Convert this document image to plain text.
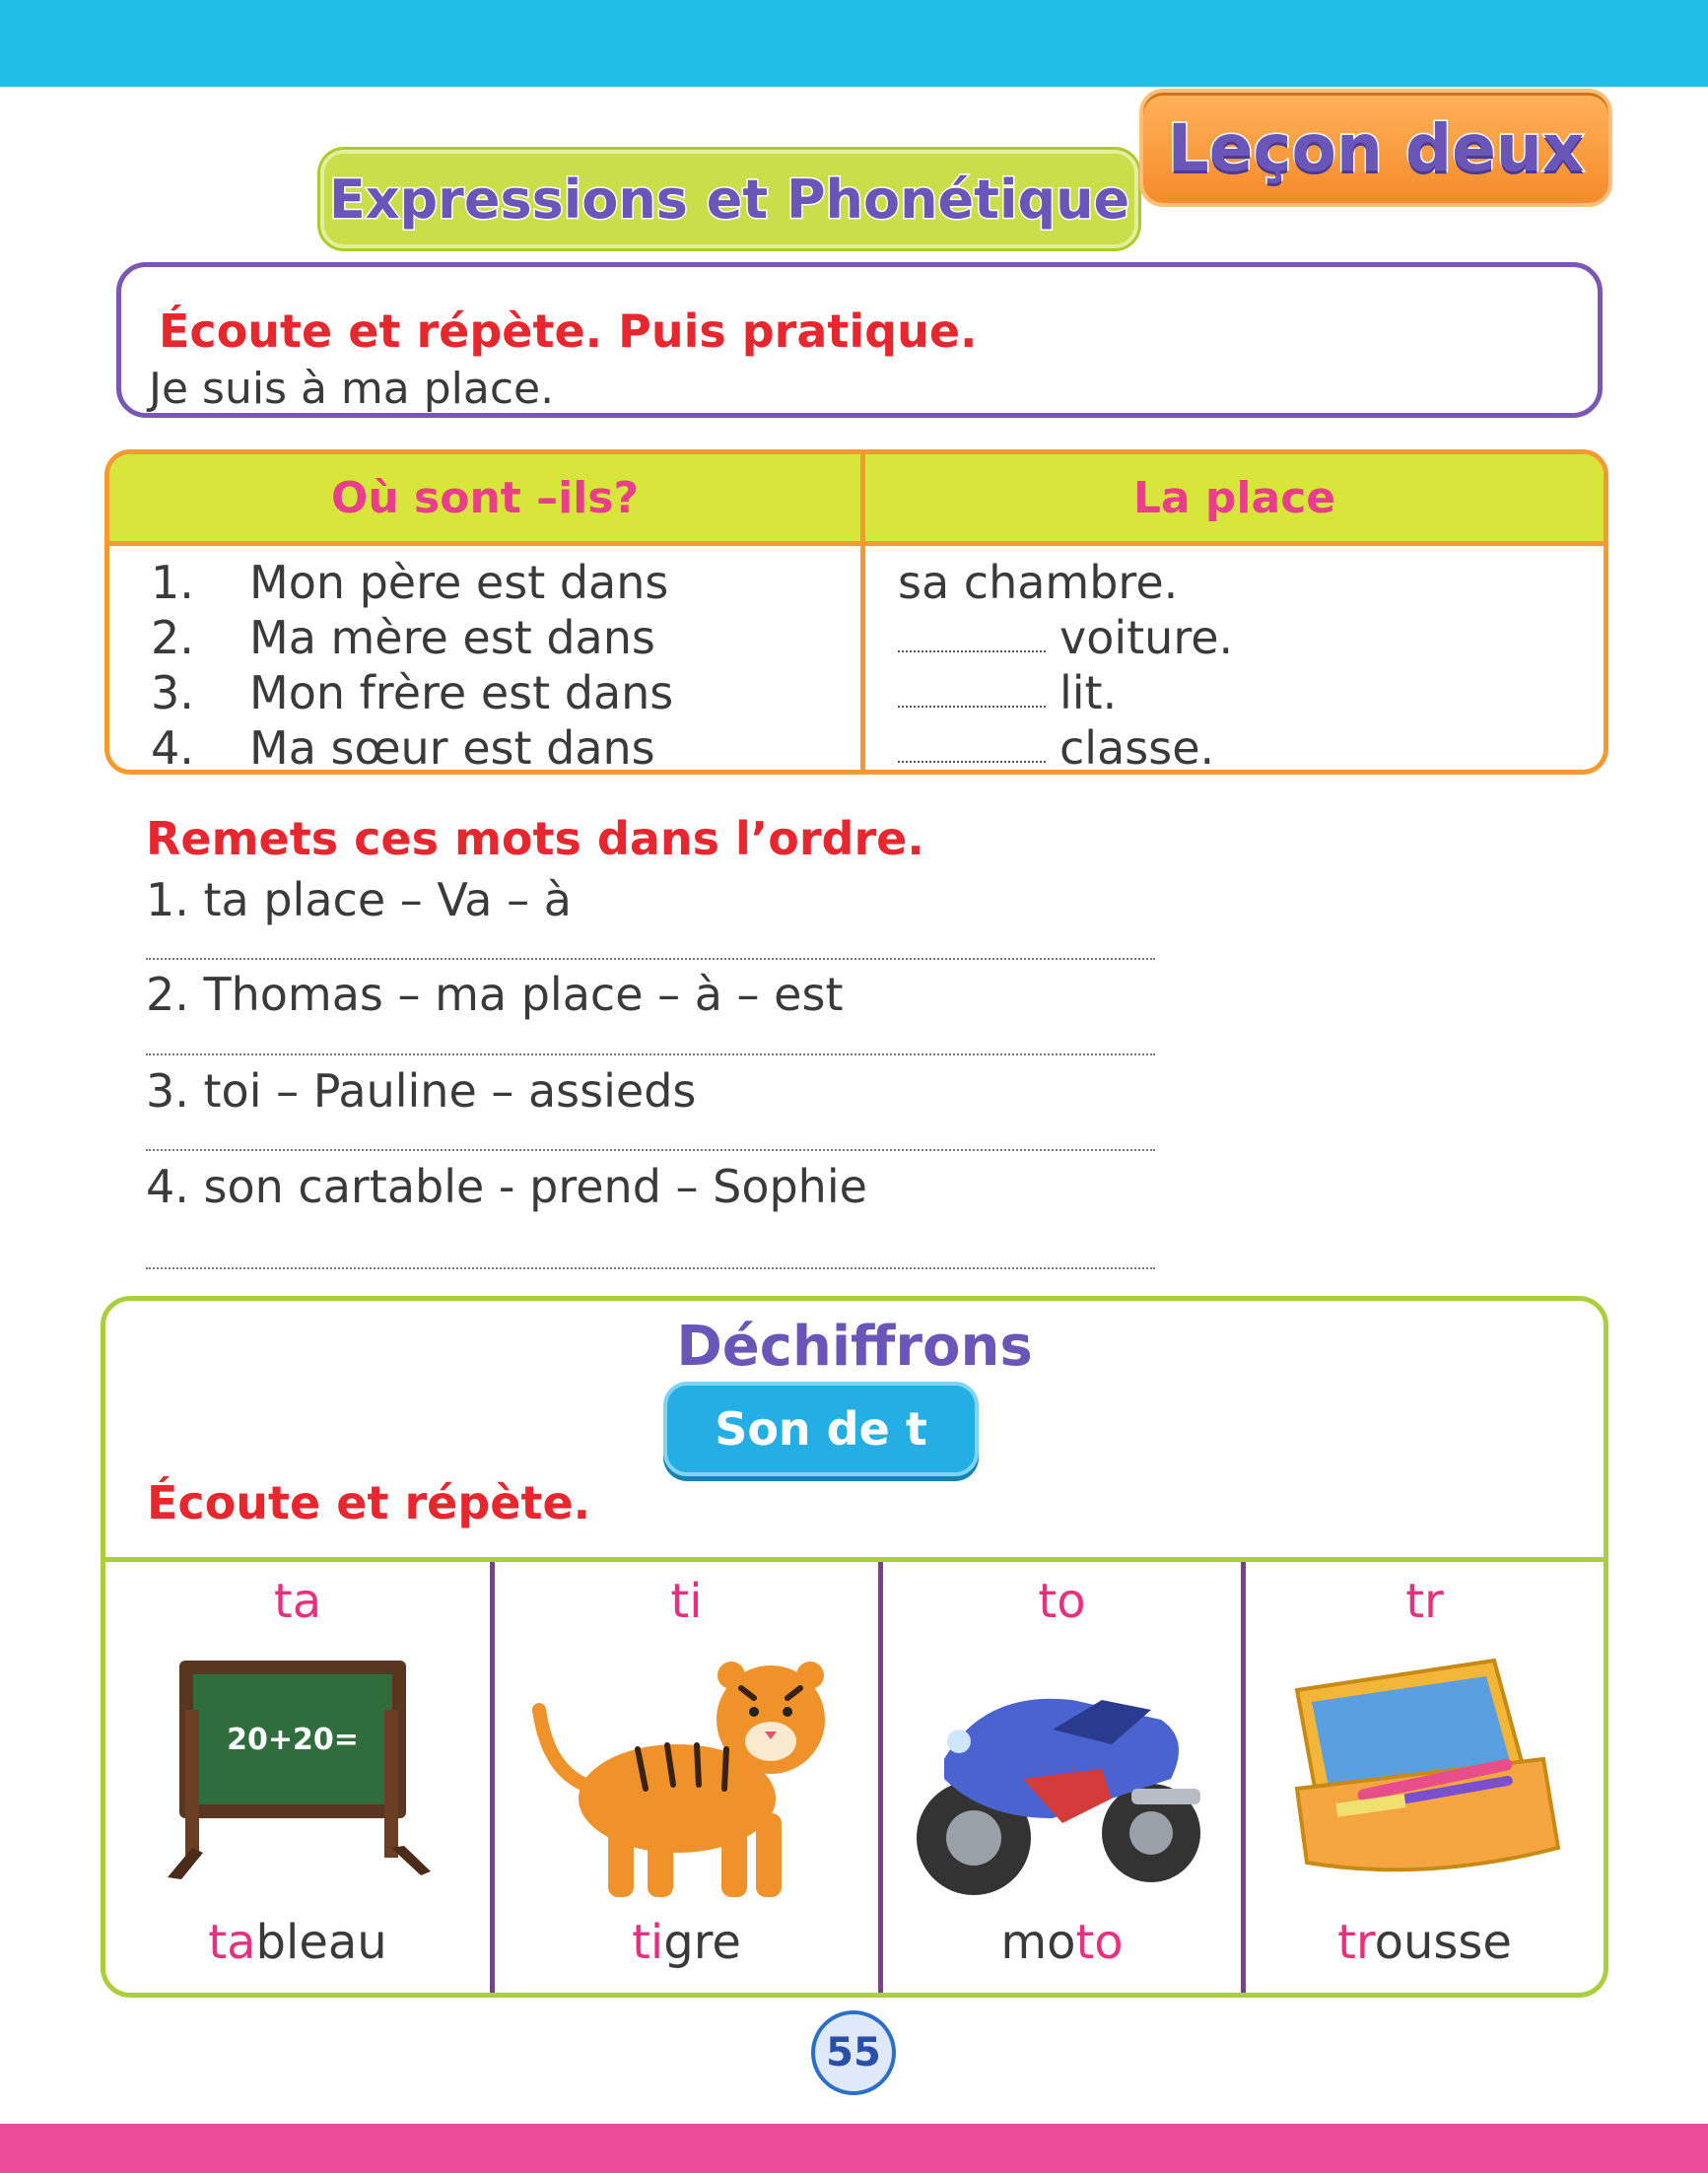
Expressions et Phonétique
Leçon deux
Écoute et répète. Puis pratique.
Je suis à ma place.
Où sont –ils?	La place
1. Mon père est dans
2. Ma mère est dans
3. Mon frère est dans
4. Ma sœur est dans
sa chambre.
voiture.
lit.
classe.
Remets ces mots dans l’ordre.
1. ta place – Va – à
2. Thomas – ma place – à – est
3. toi – Pauline – assieds
4. son cartable - prend – Sophie
Déchiffrons
Son de t
Écoute et répète.
ta
20+20=
tableau
ti
tigre
to
moto
tr
trousse
55
